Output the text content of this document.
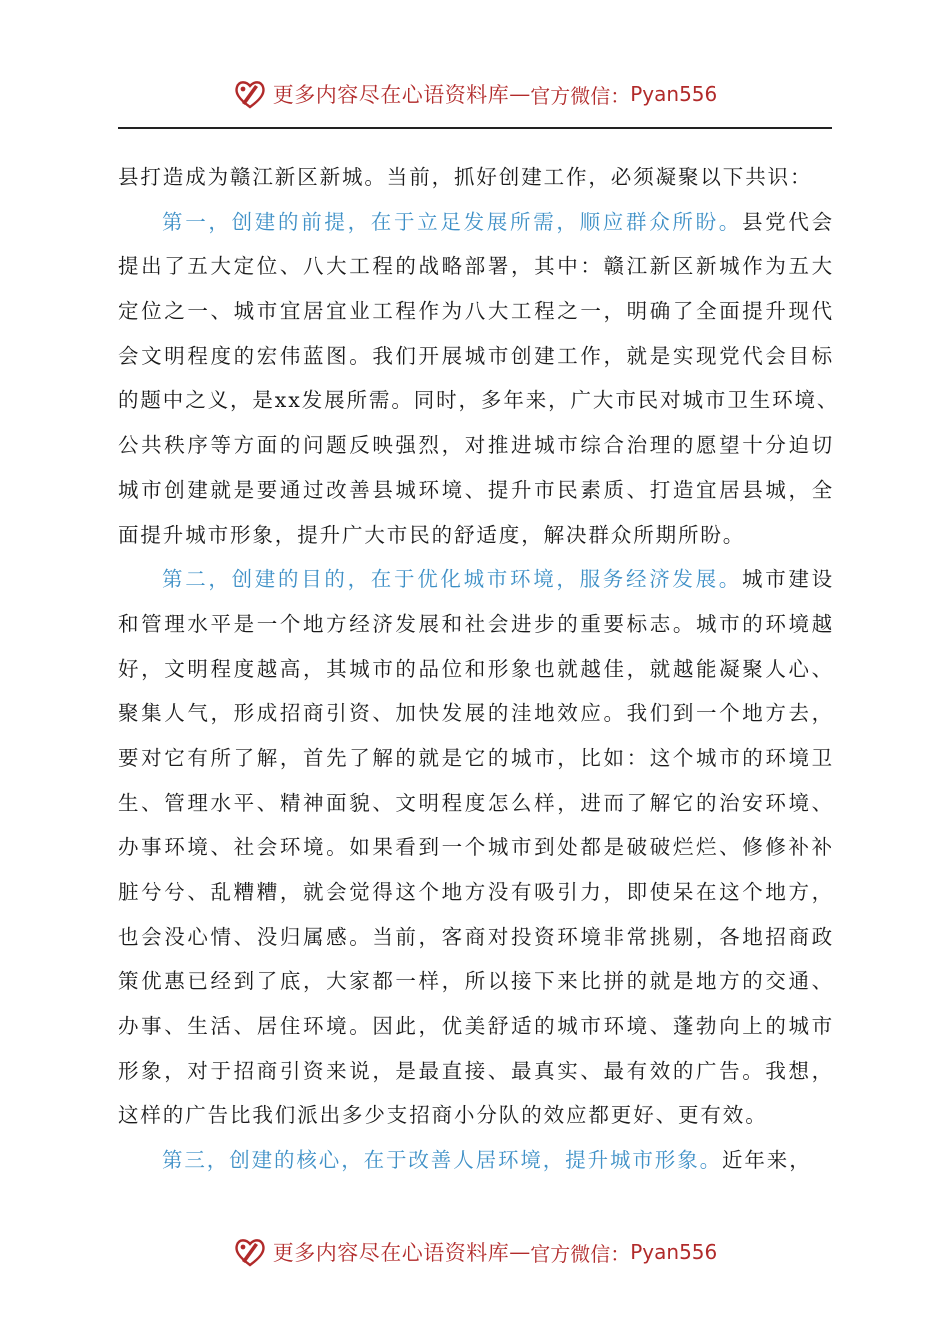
更多内容尽在心语资料库 — 官方微信： Pyan556
县打造成为赣江新区新城。当前，抓好创建工作，必须凝聚以下共识：
第一，创建的前提，在于立足发展所需，顺应群众所盼。县党代会
提出了五大定位、八大工程的战略部署，其中：赣江新区新城作为五大
定位之一、城市宜居宜业工程作为八大工程之一，明确了全面提升现代
会文明程度的宏伟蓝图。我们开展城市创建工作，就是实现党代会目标
的题中之义，是xx发展所需。同时，多年来，广大市民对城市卫生环境、
公共秩序等方面的问题反映强烈，对推进城市综合治理的愿望十分迫切
城市创建就是要通过改善县城环境、提升市民素质、打造宜居县城，全
面提升城市形象，提升广大市民的舒适度，解决群众所期所盼。
第二，创建的目的，在于优化城市环境，服务经济发展。城市建设
和管理水平是一个地方经济发展和社会进步的重要标志。城市的环境越
好，文明程度越高，其城市的品位和形象也就越佳，就越能凝聚人心、
聚集人气，形成招商引资、加快发展的洼地效应。我们到一个地方去，
要对它有所了解，首先了解的就是它的城市，比如：这个城市的环境卫
生、管理水平、精神面貌、文明程度怎么样，进而了解它的治安环境、
办事环境、社会环境。如果看到一个城市到处都是破破烂烂、修修补补
脏兮兮、乱糟糟，就会觉得这个地方没有吸引力，即使呆在这个地方，
也会没心情、没归属感。当前，客商对投资环境非常挑剔，各地招商政
策优惠已经到了底，大家都一样，所以接下来比拼的就是地方的交通、
办事、生活、居住环境。因此，优美舒适的城市环境、蓬勃向上的城市
形象，对于招商引资来说，是最直接、最真实、最有效的广告。我想，
这样的广告比我们派出多少支招商小分队的效应都更好、更有效。
第三，创建的核心，在于改善人居环境，提升城市形象。近年来，
更多内容尽在心语资料库 — 官方微信： Pyan556
